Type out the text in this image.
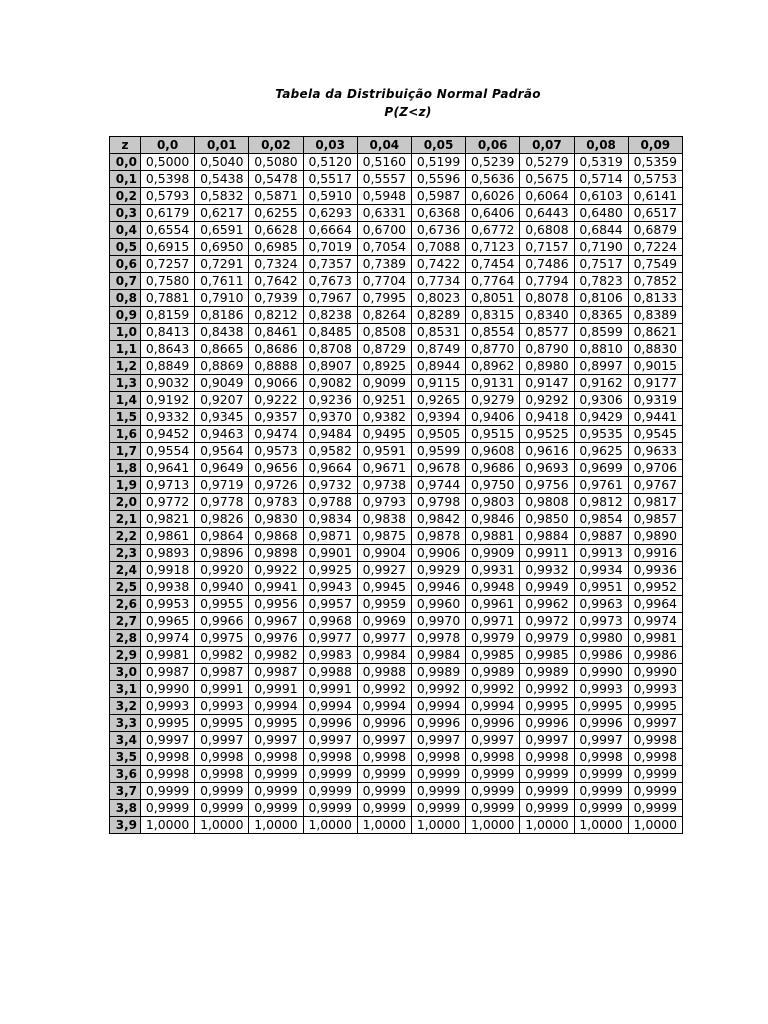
Tabela da Distribuição Normal Padrão
P(Z<z)
z	0,0	0,01	0,02	0,03	0,04	0,05	0,06	0,07	0,08	0,09
0,0	0,5000	0,5040	0,5080	0,5120	0,5160	0,5199	0,5239	0,5279	0,5319	0,5359
0,1	0,5398	0,5438	0,5478	0,5517	0,5557	0,5596	0,5636	0,5675	0,5714	0,5753
0,2	0,5793	0,5832	0,5871	0,5910	0,5948	0,5987	0,6026	0,6064	0,6103	0,6141
0,3	0,6179	0,6217	0,6255	0,6293	0,6331	0,6368	0,6406	0,6443	0,6480	0,6517
0,4	0,6554	0,6591	0,6628	0,6664	0,6700	0,6736	0,6772	0,6808	0,6844	0,6879
0,5	0,6915	0,6950	0,6985	0,7019	0,7054	0,7088	0,7123	0,7157	0,7190	0,7224
0,6	0,7257	0,7291	0,7324	0,7357	0,7389	0,7422	0,7454	0,7486	0,7517	0,7549
0,7	0,7580	0,7611	0,7642	0,7673	0,7704	0,7734	0,7764	0,7794	0,7823	0,7852
0,8	0,7881	0,7910	0,7939	0,7967	0,7995	0,8023	0,8051	0,8078	0,8106	0,8133
0,9	0,8159	0,8186	0,8212	0,8238	0,8264	0,8289	0,8315	0,8340	0,8365	0,8389
1,0	0,8413	0,8438	0,8461	0,8485	0,8508	0,8531	0,8554	0,8577	0,8599	0,8621
1,1	0,8643	0,8665	0,8686	0,8708	0,8729	0,8749	0,8770	0,8790	0,8810	0,8830
1,2	0,8849	0,8869	0,8888	0,8907	0,8925	0,8944	0,8962	0,8980	0,8997	0,9015
1,3	0,9032	0,9049	0,9066	0,9082	0,9099	0,9115	0,9131	0,9147	0,9162	0,9177
1,4	0,9192	0,9207	0,9222	0,9236	0,9251	0,9265	0,9279	0,9292	0,9306	0,9319
1,5	0,9332	0,9345	0,9357	0,9370	0,9382	0,9394	0,9406	0,9418	0,9429	0,9441
1,6	0,9452	0,9463	0,9474	0,9484	0,9495	0,9505	0,9515	0,9525	0,9535	0,9545
1,7	0,9554	0,9564	0,9573	0,9582	0,9591	0,9599	0,9608	0,9616	0,9625	0,9633
1,8	0,9641	0,9649	0,9656	0,9664	0,9671	0,9678	0,9686	0,9693	0,9699	0,9706
1,9	0,9713	0,9719	0,9726	0,9732	0,9738	0,9744	0,9750	0,9756	0,9761	0,9767
2,0	0,9772	0,9778	0,9783	0,9788	0,9793	0,9798	0,9803	0,9808	0,9812	0,9817
2,1	0,9821	0,9826	0,9830	0,9834	0,9838	0,9842	0,9846	0,9850	0,9854	0,9857
2,2	0,9861	0,9864	0,9868	0,9871	0,9875	0,9878	0,9881	0,9884	0,9887	0,9890
2,3	0,9893	0,9896	0,9898	0,9901	0,9904	0,9906	0,9909	0,9911	0,9913	0,9916
2,4	0,9918	0,9920	0,9922	0,9925	0,9927	0,9929	0,9931	0,9932	0,9934	0,9936
2,5	0,9938	0,9940	0,9941	0,9943	0,9945	0,9946	0,9948	0,9949	0,9951	0,9952
2,6	0,9953	0,9955	0,9956	0,9957	0,9959	0,9960	0,9961	0,9962	0,9963	0,9964
2,7	0,9965	0,9966	0,9967	0,9968	0,9969	0,9970	0,9971	0,9972	0,9973	0,9974
2,8	0,9974	0,9975	0,9976	0,9977	0,9977	0,9978	0,9979	0,9979	0,9980	0,9981
2,9	0,9981	0,9982	0,9982	0,9983	0,9984	0,9984	0,9985	0,9985	0,9986	0,9986
3,0	0,9987	0,9987	0,9987	0,9988	0,9988	0,9989	0,9989	0,9989	0,9990	0,9990
3,1	0,9990	0,9991	0,9991	0,9991	0,9992	0,9992	0,9992	0,9992	0,9993	0,9993
3,2	0,9993	0,9993	0,9994	0,9994	0,9994	0,9994	0,9994	0,9995	0,9995	0,9995
3,3	0,9995	0,9995	0,9995	0,9996	0,9996	0,9996	0,9996	0,9996	0,9996	0,9997
3,4	0,9997	0,9997	0,9997	0,9997	0,9997	0,9997	0,9997	0,9997	0,9997	0,9998
3,5	0,9998	0,9998	0,9998	0,9998	0,9998	0,9998	0,9998	0,9998	0,9998	0,9998
3,6	0,9998	0,9998	0,9999	0,9999	0,9999	0,9999	0,9999	0,9999	0,9999	0,9999
3,7	0,9999	0,9999	0,9999	0,9999	0,9999	0,9999	0,9999	0,9999	0,9999	0,9999
3,8	0,9999	0,9999	0,9999	0,9999	0,9999	0,9999	0,9999	0,9999	0,9999	0,9999
3,9	1,0000	1,0000	1,0000	1,0000	1,0000	1,0000	1,0000	1,0000	1,0000	1,0000
